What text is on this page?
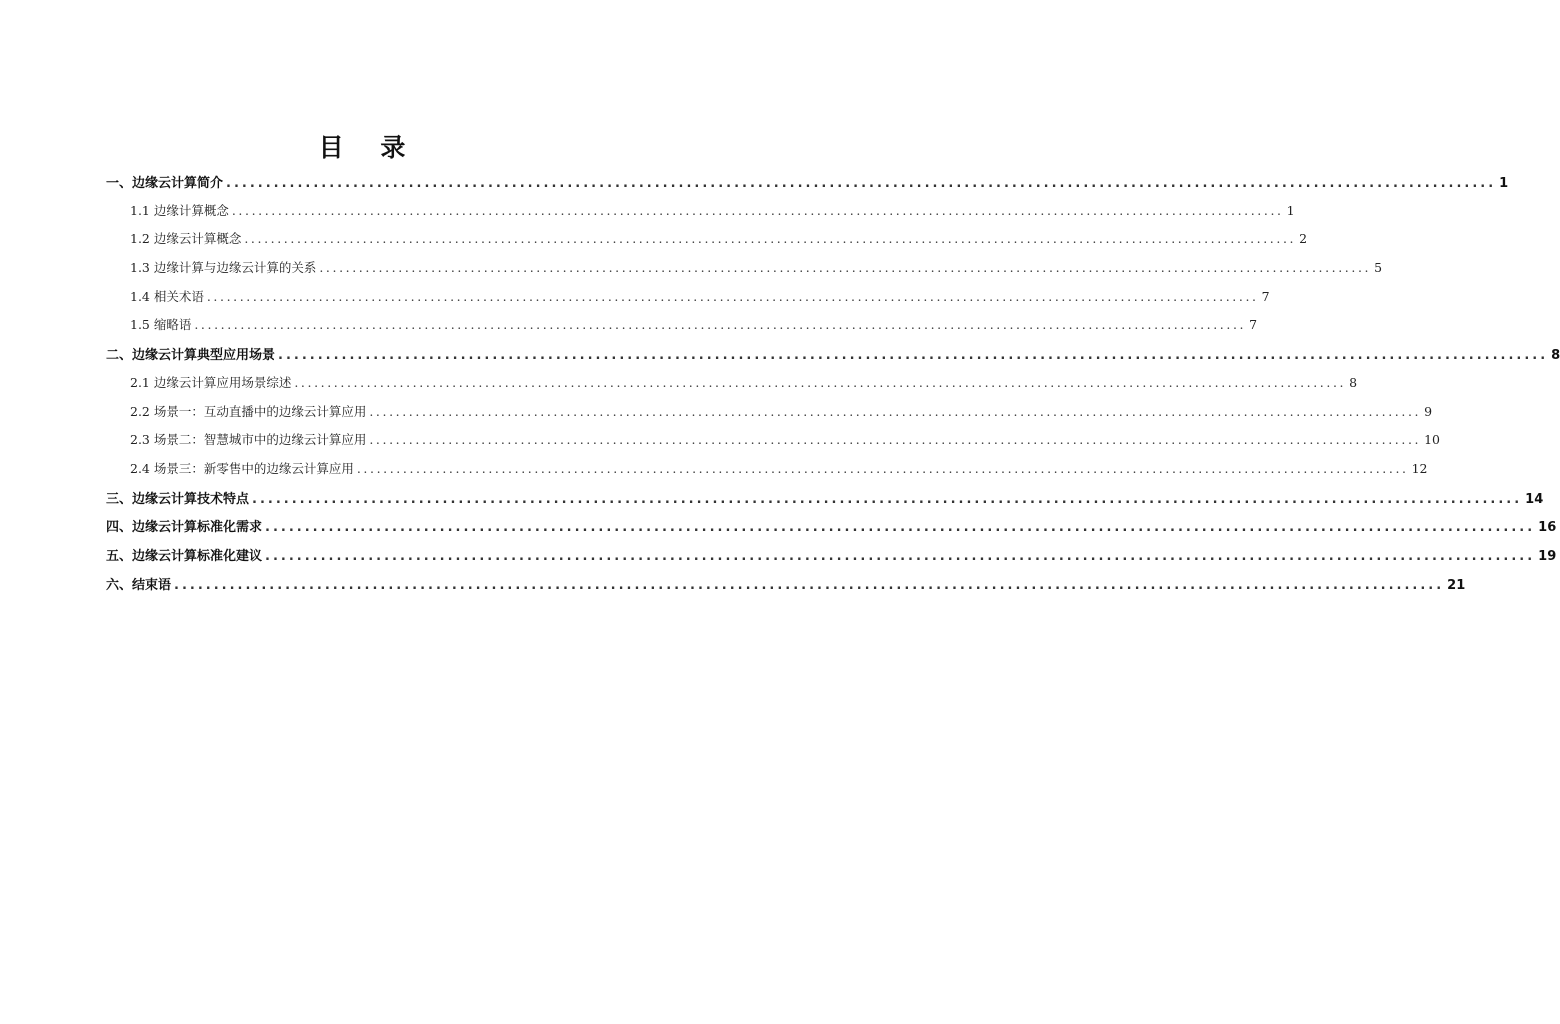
目 录
一、边缘云计算简介 ................................................................................................................................................................ 1
1.1 边缘计算概念 ................................................................................................................................................................ 1
1.2 边缘云计算概念 ................................................................................................................................................................ 2
1.3 边缘计算与边缘云计算的关系 ................................................................................................................................................................ 5
1.4 相关术语 ................................................................................................................................................................ 7
1.5 缩略语 ................................................................................................................................................................ 7
二、边缘云计算典型应用场景 ................................................................................................................................................................ 8
2.1 边缘云计算应用场景综述 ................................................................................................................................................................ 8
2.2 场景一：互动直播中的边缘云计算应用 ................................................................................................................................................................ 9
2.3 场景二：智慧城市中的边缘云计算应用 ................................................................................................................................................................ 10
2.4 场景三：新零售中的边缘云计算应用 ................................................................................................................................................................ 12
三、边缘云计算技术特点 ................................................................................................................................................................ 14
四、边缘云计算标准化需求 ................................................................................................................................................................ 16
五、边缘云计算标准化建议 ................................................................................................................................................................ 19
六、结束语 ................................................................................................................................................................ 21
